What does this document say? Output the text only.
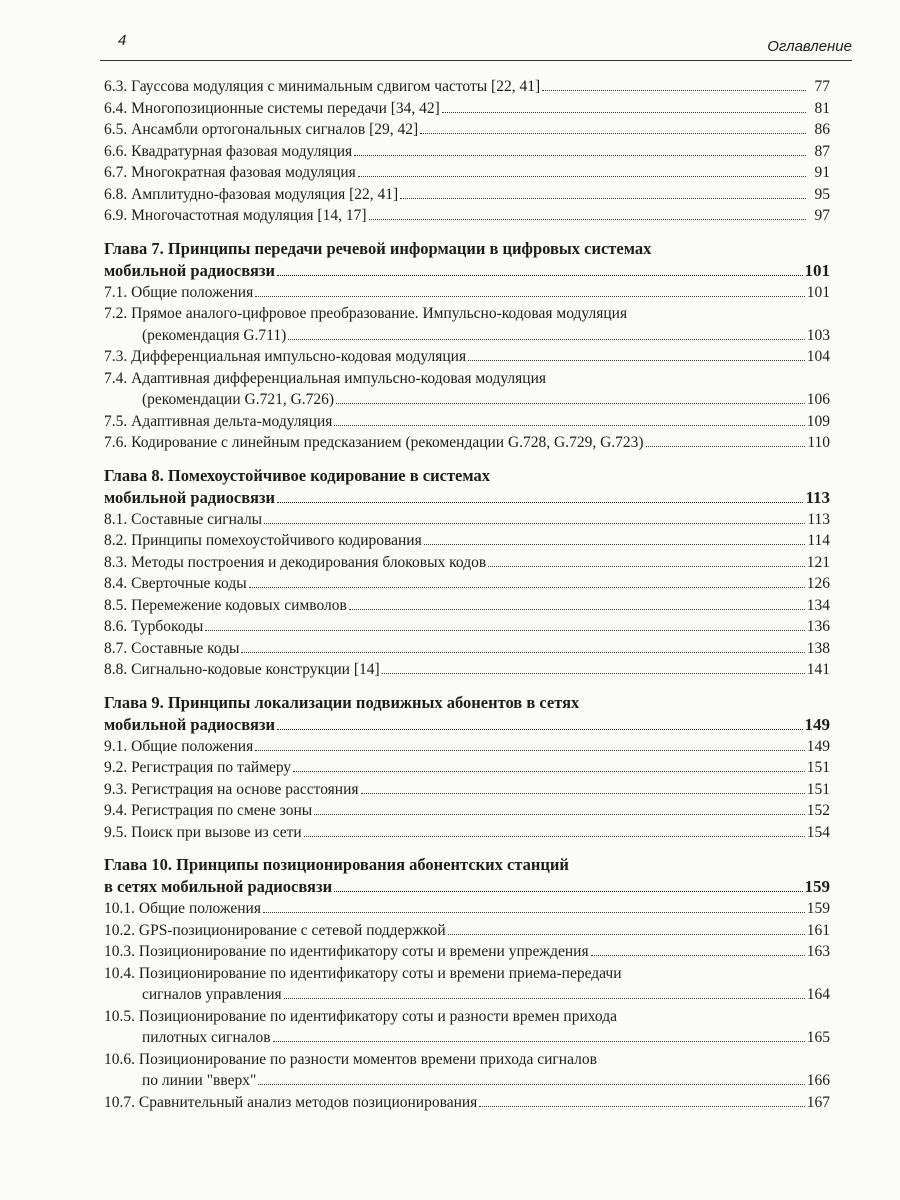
4	Оглавление
6.3. Гауссова модуляция с минимальным сдвигом частоты [22, 41]	77
6.4. Многопозиционные системы передачи [34, 42]	81
6.5. Ансамбли ортогональных сигналов [29, 42]	86
6.6. Квадратурная фазовая модуляция	87
6.7. Многократная фазовая модуляция	91
6.8. Амплитудно-фазовая модуляция [22, 41]	95
6.9. Многочастотная модуляция [14, 17]	97
Глава 7. Принципы передачи речевой информации в цифровых системах
мобильной радиосвязи	101
7.1. Общие положения	101
7.2. Прямое аналого-цифровое преобразование. Импульсно-кодовая модуляция
(рекомендация G.711)	103
7.3. Дифференциальная импульсно-кодовая модуляция	104
7.4. Адаптивная дифференциальная импульсно-кодовая модуляция
(рекомендации G.721, G.726)	106
7.5. Адаптивная дельта-модуляция	109
7.6. Кодирование с линейным предсказанием (рекомендации G.728, G.729, G.723)	110
Глава 8. Помехоустойчивое кодирование в системах
мобильной радиосвязи	113
8.1. Составные сигналы	113
8.2. Принципы помехоустойчивого кодирования	114
8.3. Методы построения и декодирования блоковых кодов	121
8.4. Сверточные коды	126
8.5. Перемежение кодовых символов	134
8.6. Турбокоды	136
8.7. Составные коды	138
8.8. Сигнально-кодовые конструкции [14]	141
Глава 9. Принципы локализации подвижных абонентов в сетях
мобильной радиосвязи	149
9.1. Общие положения	149
9.2. Регистрация по таймеру	151
9.3. Регистрация на основе расстояния	151
9.4. Регистрация по смене зоны	152
9.5. Поиск при вызове из сети	154
Глава 10. Принципы позиционирования абонентских станций
в сетях мобильной радиосвязи	159
10.1. Общие положения	159
10.2. GPS-позиционирование с сетевой поддержкой	161
10.3. Позиционирование по идентификатору соты и времени упреждения	163
10.4. Позиционирование по идентификатору соты и времени приема-передачи
сигналов управления	164
10.5. Позиционирование по идентификатору соты и разности времен прихода
пилотных сигналов	165
10.6. Позиционирование по разности моментов времени прихода сигналов
по линии "вверх"	166
10.7. Сравнительный анализ методов позиционирования	167
